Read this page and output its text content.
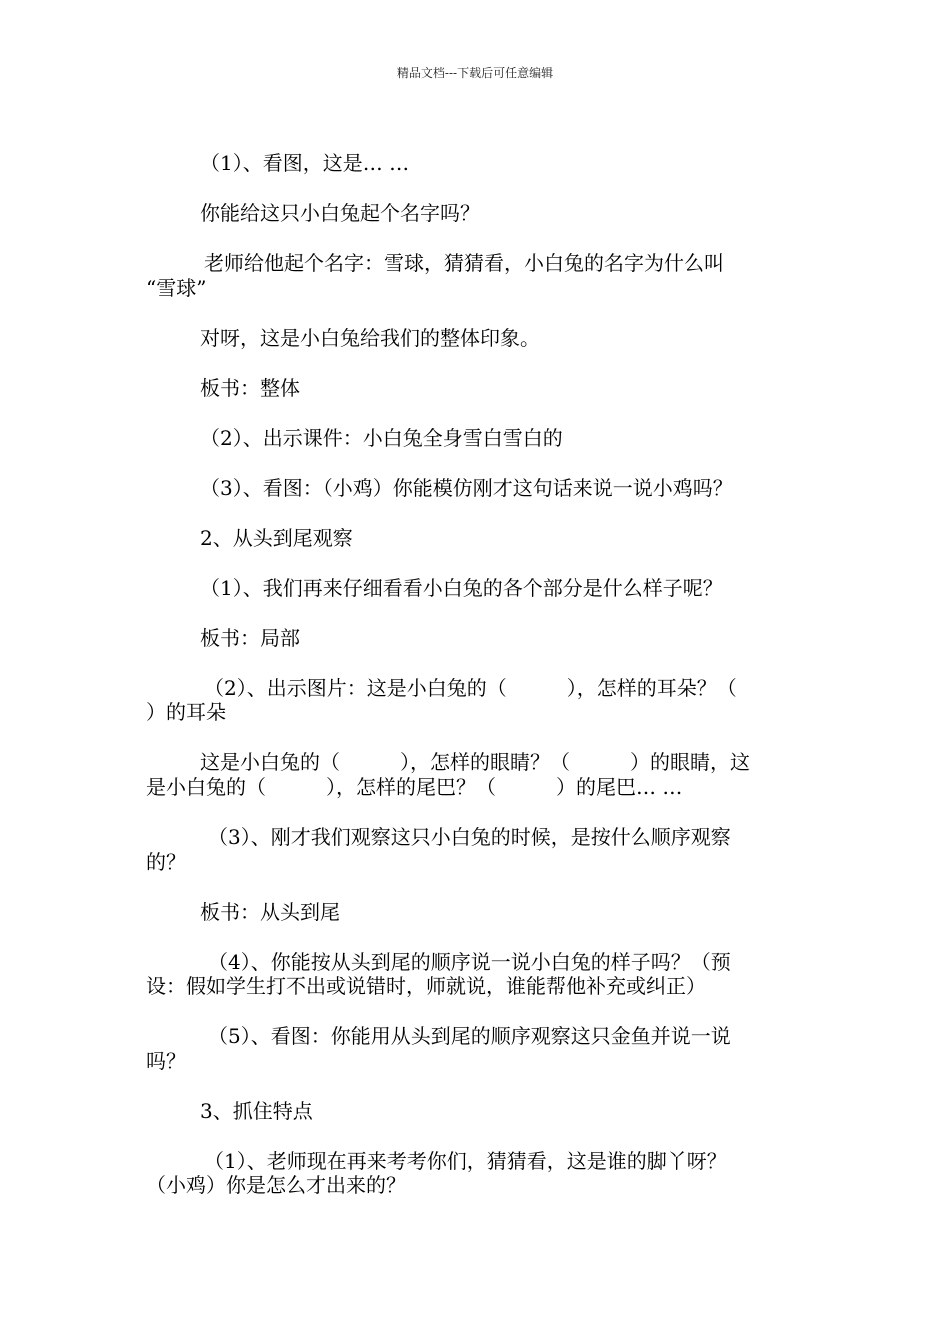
精品文档---下载后可任意编辑
（1）、看图，这是… …
你能给这只小白兔起个名字吗？
老师给他起个名字：雪球，猜猜看，小白兔的名字为什么叫
“雪球”
对呀，这是小白兔给我们的整体印象。
板书：整体
（2）、出示课件：小白兔全身雪白雪白的
（3）、看图：（小鸡）你能模仿刚才这句话来说一说小鸡吗？
2、从头到尾观察
（1）、我们再来仔细看看小白兔的各个部分是什么样子呢？
板书：局部
（2）、出示图片：这是小白兔的（　　　），怎样的耳朵？（
）的耳朵
这是小白兔的（　　　），怎样的眼睛？（　　　）的眼睛，这
是小白兔的（　　　），怎样的尾巴？（　　　）的尾巴… …
（3）、刚才我们观察这只小白兔的时候，是按什么顺序观察
的？
板书：从头到尾
（4）、你能按从头到尾的顺序说一说小白兔的样子吗？（预
设：假如学生打不出或说错时，师就说，谁能帮他补充或纠正）
（5）、看图：你能用从头到尾的顺序观察这只金鱼并说一说
吗？
3、抓住特点
（1）、老师现在再来考考你们，猜猜看，这是谁的脚丫呀？
（小鸡）你是怎么才出来的？
